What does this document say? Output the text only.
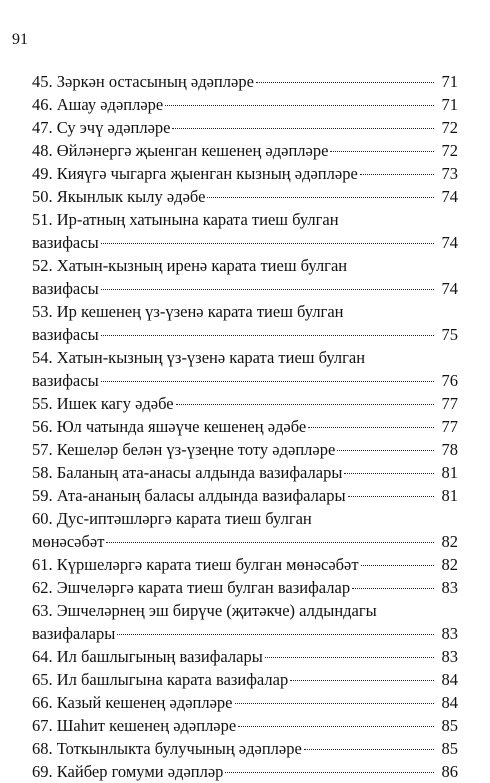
91
45. Зәркән остасының әдәпләре	71
46. Ашау әдәпләре	71
47. Су эчү әдәпләре	72
48. Өйләнергә җыенган кешенең әдәпләре	72
49. Кияүгә чыгарга җыенган кызның әдәпләре	73
50. Якынлык кылу әдәбе	74
51. Ир-атның хатынына карата тиеш булган
вазифасы	74
52. Хатын-кызның иренә карата тиеш булган
вазифасы	74
53. Ир кешенең үз-үзенә карата тиеш булган
вазифасы	75
54. Хатын-кызның үз-үзенә карата тиеш булган
вазифасы	76
55. Ишек кагу әдәбе	77
56. Юл чатында яшәүче кешенең әдәбе	77
57. Кешеләр белән үз-үзеңне тоту әдәпләре	78
58. Баланың ата-анасы алдында вазифалары	81
59. Ата-ананың баласы алдында вазифалары	81
60. Дус-иптәшләргә карата тиеш булган
мөнәсәбәт	82
61. Күршеләргә карата тиеш булган мөнәсәбәт	82
62. Эшчеләргә карата тиеш булган вазифалар	83
63. Эшчеләрнең эш бирүче (җитәкче) алдындагы
вазифалары	83
64. Ил башлыгының вазифалары	83
65. Ил башлыгына карата вазифалар	84
66. Казый кешенең әдәпләре	84
67. Шаһит кешенең әдәпләре	85
68. Тоткынлыкта булучының әдәпләре	85
69. Кайбер гомуми әдәпләр	86
